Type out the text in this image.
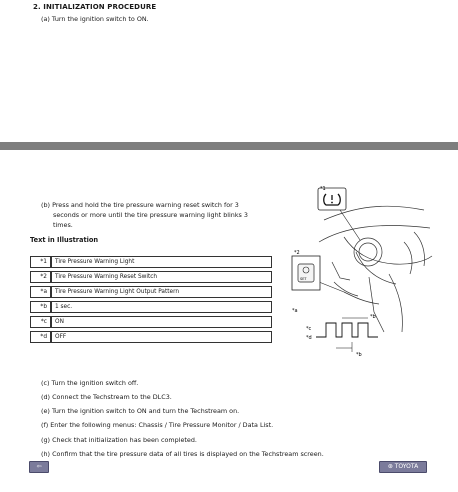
2. INITIALIZATION PROCEDURE
(a) Turn the ignition switch to ON.
(b) Press and hold the tire pressure warning reset switch for 3
seconds or more until the tire pressure warning light blinks 3
times.
Text in Illustration
*1	Tire Pressure Warning Light
*2	Tire Pressure Warning Reset Switch
*a	Tire Pressure Warning Light Output Pattern
*b	1 sec.
*c	ON
*d	OFF
*1
*2
SET
*a
*c
*d
*b
*b
(c) Turn the ignition switch off.
(d) Connect the Techstream to the DLC3.
(e) Turn the ignition switch to ON and turn the Techstream on.
(f) Enter the following menus: Chassis / Tire Pressure Monitor / Data List.
(g) Check that initialization has been completed.
(h) Confirm that the tire pressure data of all tires is displayed on the Techstream screen.
⇦	⊛ TOYOTA
